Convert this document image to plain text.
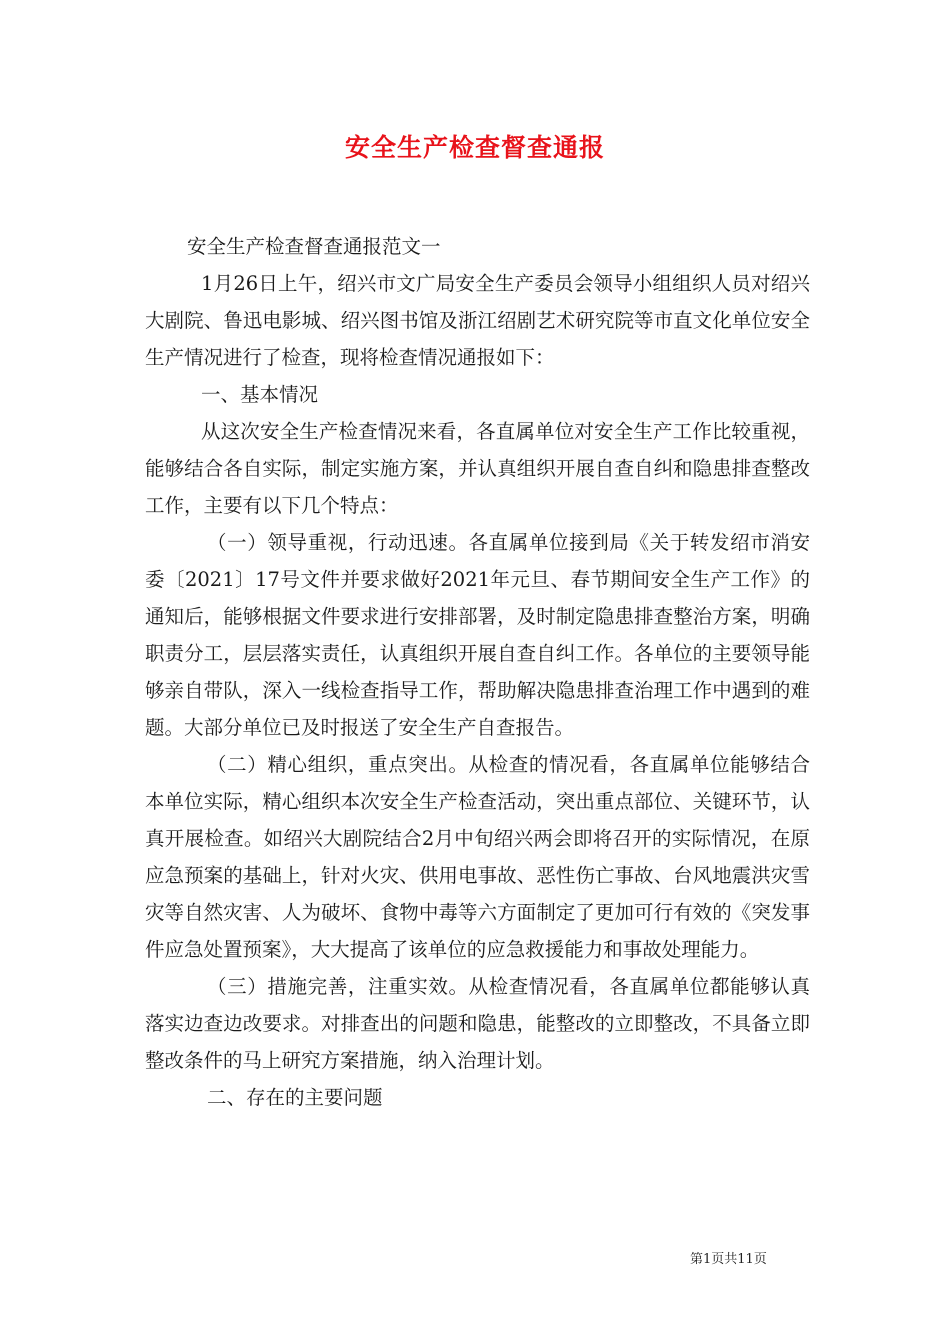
安全生产检查督查通报

安全生产检查督查通报范文一

1月26日上午，绍兴市文广局安全生产委员会领导小组组织人员对绍兴大剧院、鲁迅电影城、绍兴图书馆及浙江绍剧艺术研究院等市直文化单位安全生产情况进行了检查，现将检查情况通报如下：

一、基本情况

从这次安全生产检查情况来看，各直属单位对安全生产工作比较重视，能够结合各自实际，制定实施方案，并认真组织开展自查自纠和隐患排查整改工作，主要有以下几个特点：

（一）领导重视，行动迅速。各直属单位接到局《关于转发绍市消安委〔2021〕17号文件并要求做好2021年元旦、春节期间安全生产工作》的通知后，能够根据文件要求进行安排部署，及时制定隐患排查整治方案，明确职责分工，层层落实责任，认真组织开展自查自纠工作。各单位的主要领导能够亲自带队，深入一线检查指导工作，帮助解决隐患排查治理工作中遇到的难题。大部分单位已及时报送了安全生产自查报告。

（二）精心组织，重点突出。从检查的情况看，各直属单位能够结合本单位实际，精心组织本次安全生产检查活动，突出重点部位、关键环节，认真开展检查。如绍兴大剧院结合2月中旬绍兴两会即将召开的实际情况，在原应急预案的基础上，针对火灾、供用电事故、恶性伤亡事故、台风地震洪灾雪灾等自然灾害、人为破坏、食物中毒等六方面制定了更加可行有效的《突发事件应急处置预案》，大大提高了该单位的应急救援能力和事故处理能力。

（三）措施完善，注重实效。从检查情况看，各直属单位都能够认真落实边查边改要求。对排查出的问题和隐患，能整改的立即整改，不具备立即整改条件的马上研究方案措施，纳入治理计划。

二、存在的主要问题

第1页共11页
